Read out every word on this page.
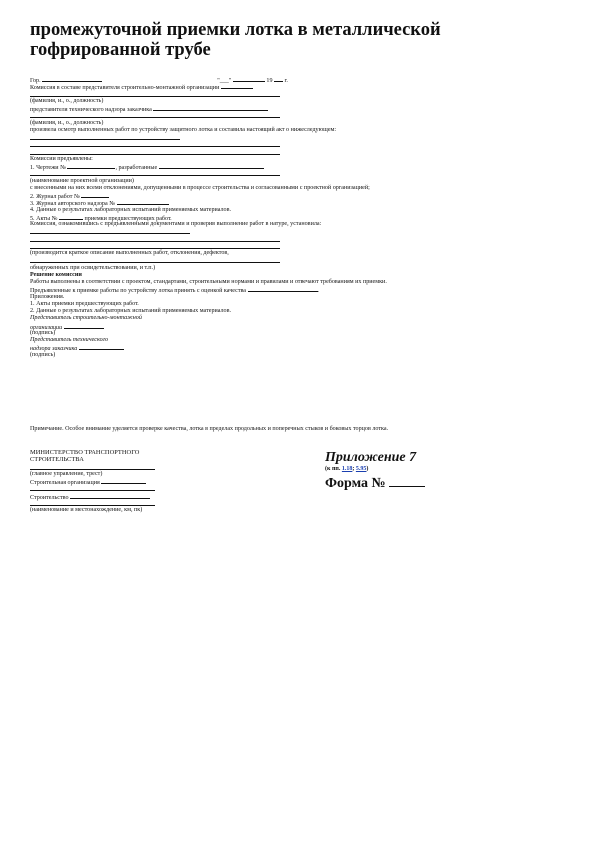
промежуточной приемки лотка в металлической
гофрированной трубе
Гор.	"___"	19 г.
Комиссия в составе представителя строительно-монтажной организации
(фамилия, и., о., должность)
представителя технического надзора заказчика
(фамилия, и., о., должность)
произвела осмотр выполненных работ по устройству защитного лотка и составила настоящий акт о нижеследующем:
Комиссии предъявлены:
1. Чертежи №	, разработанные
(наименование проектной организации)
с внесенными на них всеми отклонениями, допущенными в процессе строительства и согласованными с проектной организацией;
2. Журнал работ №
3. Журнал авторского надзора №
4. Данные о результатах лабораторных испытаний применяемых материалов.
5. Акты №	приемки предшествующих работ.
Комиссия, ознакомившись с предъявленными документами и проверив выполнение работ в натуре, установила:
(производится краткое описание выполненных работ, отклонения, дефектов,
обнаруженных при освидетельствовании, и т.п.)
Решение комиссии
Работы выполнены в соответствии с проектом, стандартами, строительными нормами и правилами и отвечают требованиям их приемки.
Предъявленные к приемке работы по устройству лотка принять с оценкой качества	.
Приложения.
1. Акты приемки предшествующих работ.
2. Данные о результатах лабораторных испытаний применяемых материалов.
Представитель строительно-монтажной
организации
(подпись)
Представитель технического
надзора заказчика
(подпись)
Примечание. Особое внимание уделяется проверке качества, лотка в пределах продольных и поперечных стыков и боковых торцов лотка.
МИНИСТЕРСТВО ТРАНСПОРТНОГО
СТРОИТЕЛЬСТВА
(главное управление, трест)
Строительная организация
Строительство
(наименование и местонахождение, км, пк)
Приложение 7
(к пп. 1.18; 5.95)
Форма №
